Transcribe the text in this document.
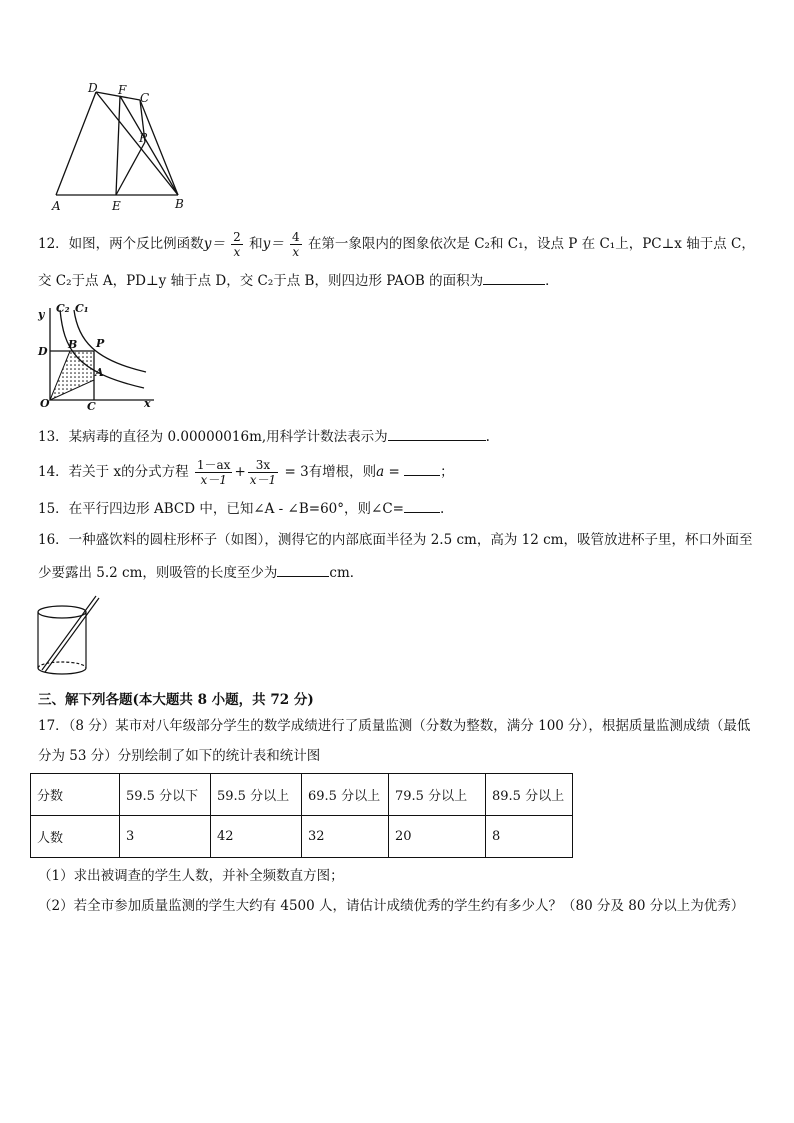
D F
C
P
A	E	B
12．如图，两个反比例函数$y= \frac{2}{x}$ 和$y= \frac{4}{x}$ 在第一象限内的图象依次是 C₂和 C₁，设点 P 在 C₁上，PC⊥x 轴于点 C，
交 C₂于点 A，PD⊥y 轴于点 D，交 C₂于点 B，则四边形 PAOB 的面积为	．
y C₂ C₁
D
B P
A
O	C	x
13．某病毒的直径为 0.00000016m,用科学计数法表示为	.
14．若关于 x的分式方程 $\frac{1-ax}{x-1} + \frac{3x}{x-1} = 3$有增根，则a =	；
15．在平行四边形 ABCD 中，已知∠A - ∠B=60°，则∠C=	.
16．一种盛饮料的圆柱形杯子（如图），测得它的内部底面半径为 2.5 cm，高为 12 cm，吸管放进杯子里，杯口外面至
少要露出 5.2 cm，则吸管的长度至少为	cm．
三、解下列各题(本大题共 8 小题，共 72 分)
17．（8 分）某市对八年级部分学生的数学成绩进行了质量监测（分数为整数，满分 100 分），根据质量监测成绩（最低
分为 53 分）分别绘制了如下的统计表和统计图
分数	59.5 分以下	59.5 分以上	69.5 分以上	79.5 分以上	89.5 分以上
人数	3	42	32	20	8
（1）求出被调查的学生人数，并补全频数直方图；
（2）若全市参加质量监测的学生大约有 4500 人，请估计成绩优秀的学生约有多少人？（80 分及 80 分以上为优秀）
